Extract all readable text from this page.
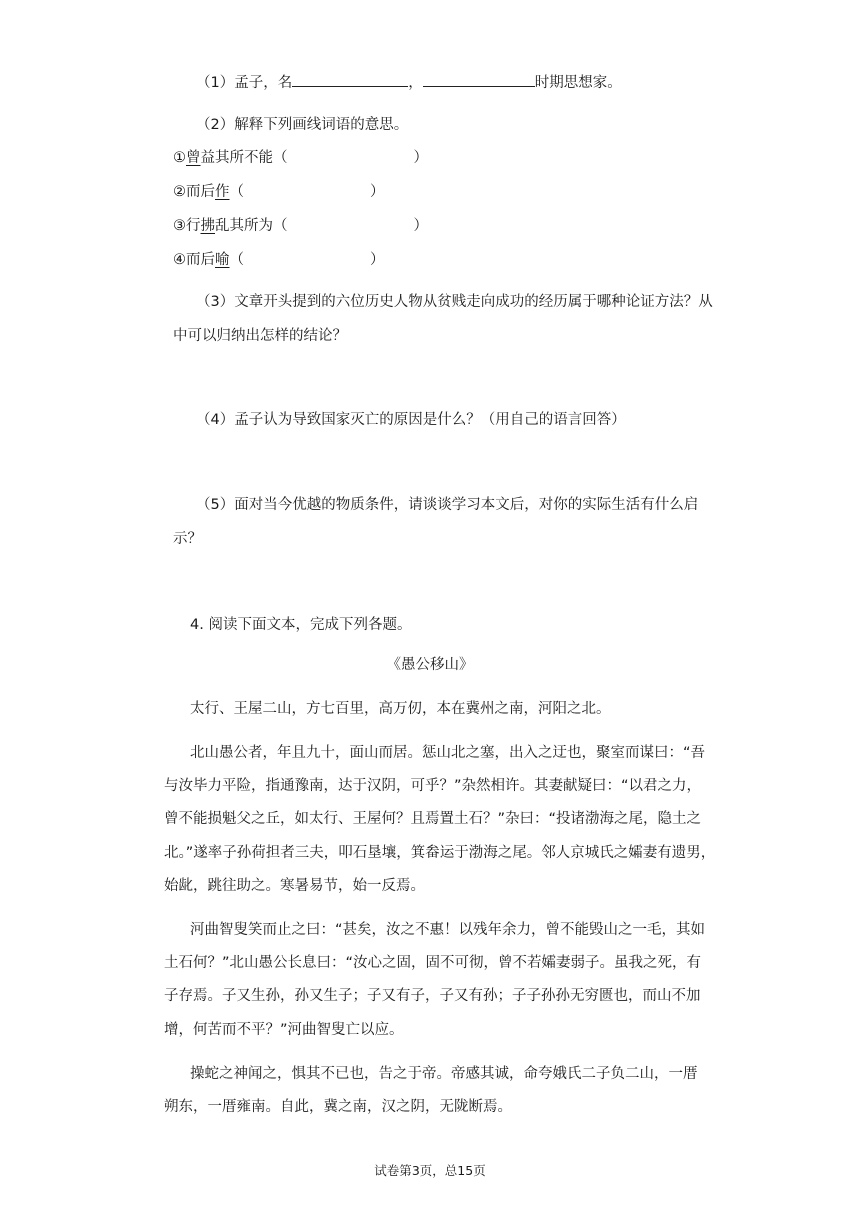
（1）孟子，名	，	时期思想家。
（2）解释下列画线词语的意思。
①曾益其所不能（	）
②而后作（	）
③行拂乱其所为（	）
④而后喻（	）
（3）文章开头提到的六位历史人物从贫贱走向成功的经历属于哪种论证方法？从
中可以归纳出怎样的结论？
（4）孟子认为导致国家灭亡的原因是什么？（用自己的语言回答）
（5）面对当今优越的物质条件，请谈谈学习本文后，对你的实际生活有什么启
示？
4. 阅读下面文本，完成下列各题。
《愚公移山》
太行、王屋二山，方七百里，高万仞，本在冀州之南，河阳之北。
北山愚公者，年且九十，面山而居。惩山北之塞，出入之迂也，聚室而谋曰：“吾
与汝毕力平险，指通豫南，达于汉阴，可乎？”杂然相许。其妻献疑曰：“以君之力，
曾不能损魁父之丘，如太行、王屋何？且焉置土石？”杂曰：“投诸渤海之尾，隐土之
北。”遂率子孙荷担者三夫，叩石垦壤，箕畚运于渤海之尾。邻人京城氏之孀妻有遗男，
始龀，跳往助之。寒暑易节，始一反焉。
河曲智叟笑而止之曰：“甚矣，汝之不惠！以残年余力，曾不能毁山之一毛，其如
土石何？”北山愚公长息曰：“汝心之固，固不可彻，曾不若孀妻弱子。虽我之死，有
子存焉。子又生孙，孙又生子；子又有子，子又有孙；子子孙孙无穷匮也，而山不加
增，何苦而不平？”河曲智叟亡以应。
操蛇之神闻之，惧其不已也，告之于帝。帝感其诚，命夸娥氏二子负二山，一厝
朔东，一厝雍南。自此，冀之南，汉之阴，无陇断焉。
试卷第3页，总15页
